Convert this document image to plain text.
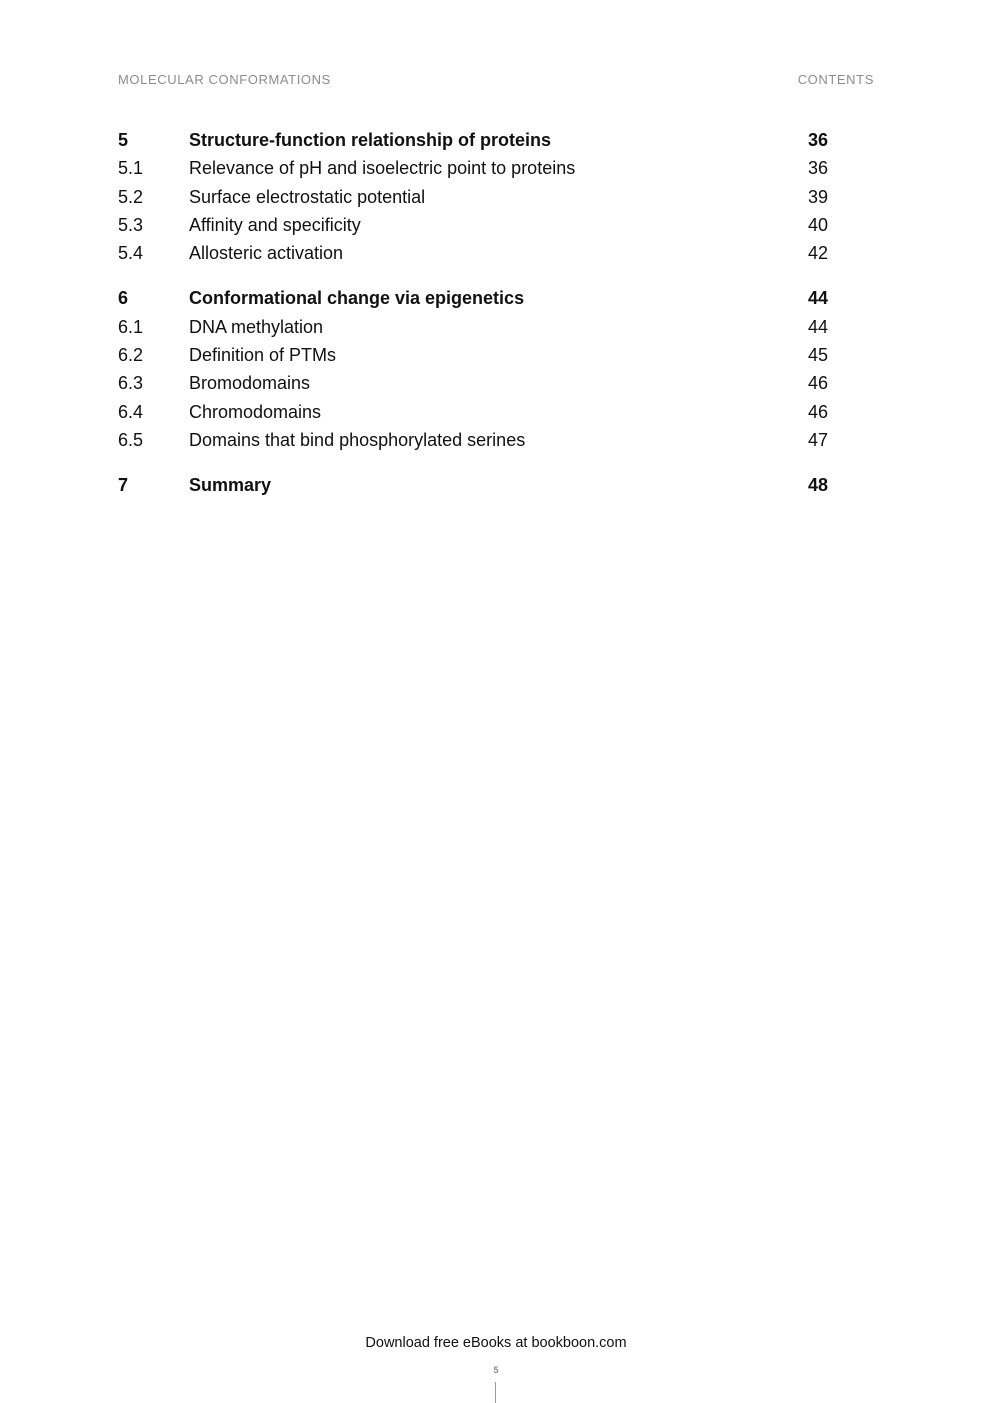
MOLECULAR CONFORMATIONS	CONTENTS
5	Structure-function relationship of proteins	36
5.1	Relevance of pH and isoelectric point to proteins	36
5.2	Surface electrostatic potential	39
5.3	Affinity and specificity	40
5.4	Allosteric activation	42
6	Conformational change via epigenetics	44
6.1	DNA methylation	44
6.2	Definition of PTMs	45
6.3	Bromodomains	46
6.4	Chromodomains	46
6.5	Domains that bind phosphorylated serines	47
7	Summary	48
Download free eBooks at bookboon.com
5
